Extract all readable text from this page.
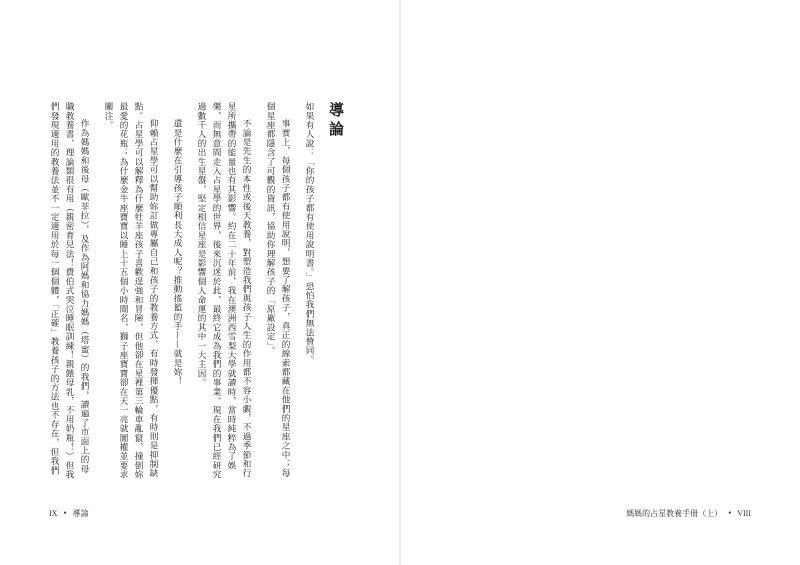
導論

如果有人說：「你的孩子都有使用說明書。」恐怕我們無法贊同。

事實上，每個孩子都有使用說明，想要了解孩子，真正的線索都藏在他們的星座之中；每個星座都隱含了可觀的資訊，協助你理解孩子的「原廠設定」。

不論是先生的本性或後天教養，對塑造我們與孩子人生的作用都不容小覷，不過季節和行星所攜帶的能量也有其影響。約在二十年前，我在澳洲西雪梨大學就讀時，當時純粹為了娛樂，而無意間走入占星學的世界，後來沉迷於此，最終它成為我們的事業。現在我們已經研究過數千人的出生星盤，堅定相信星座是影響個人命運的其中一大主因。

還是什麼在引導孩子順利長大成人呢？推動搖籃的手——就是妳！

仰賴占星學可以幫助妳訂做專屬自己和孩子的教養方式，有時發揮優點，有時則是抑制缺點。占星學可以解釋為什麼牡羊座孩子喜歡逞強和冒險，但他卻在星裡第三輪車亂竄，撞倒妳最愛的花瓶；為什麼金牛座寶寶以睡上十五個小時聞名，獅子座寶寶卻在天一亮就圖權並要求關注。

作為媽媽和後母（歐菲拉），及作為阿媽和協力媽媽（塔蜜）的我們，讀遍了市面上的母職教養書，理論類很有用（親密育兒法！費伯式哭泣睡眠訓練！親餵母乳，不用奶瓶！）但我們發現適用的教養法並不一定適用於每一個個體，「正確」教養孩子的方法也不存在，但我們

IX ● 導論	媽媽的占星教養手冊（上） ● VIII
